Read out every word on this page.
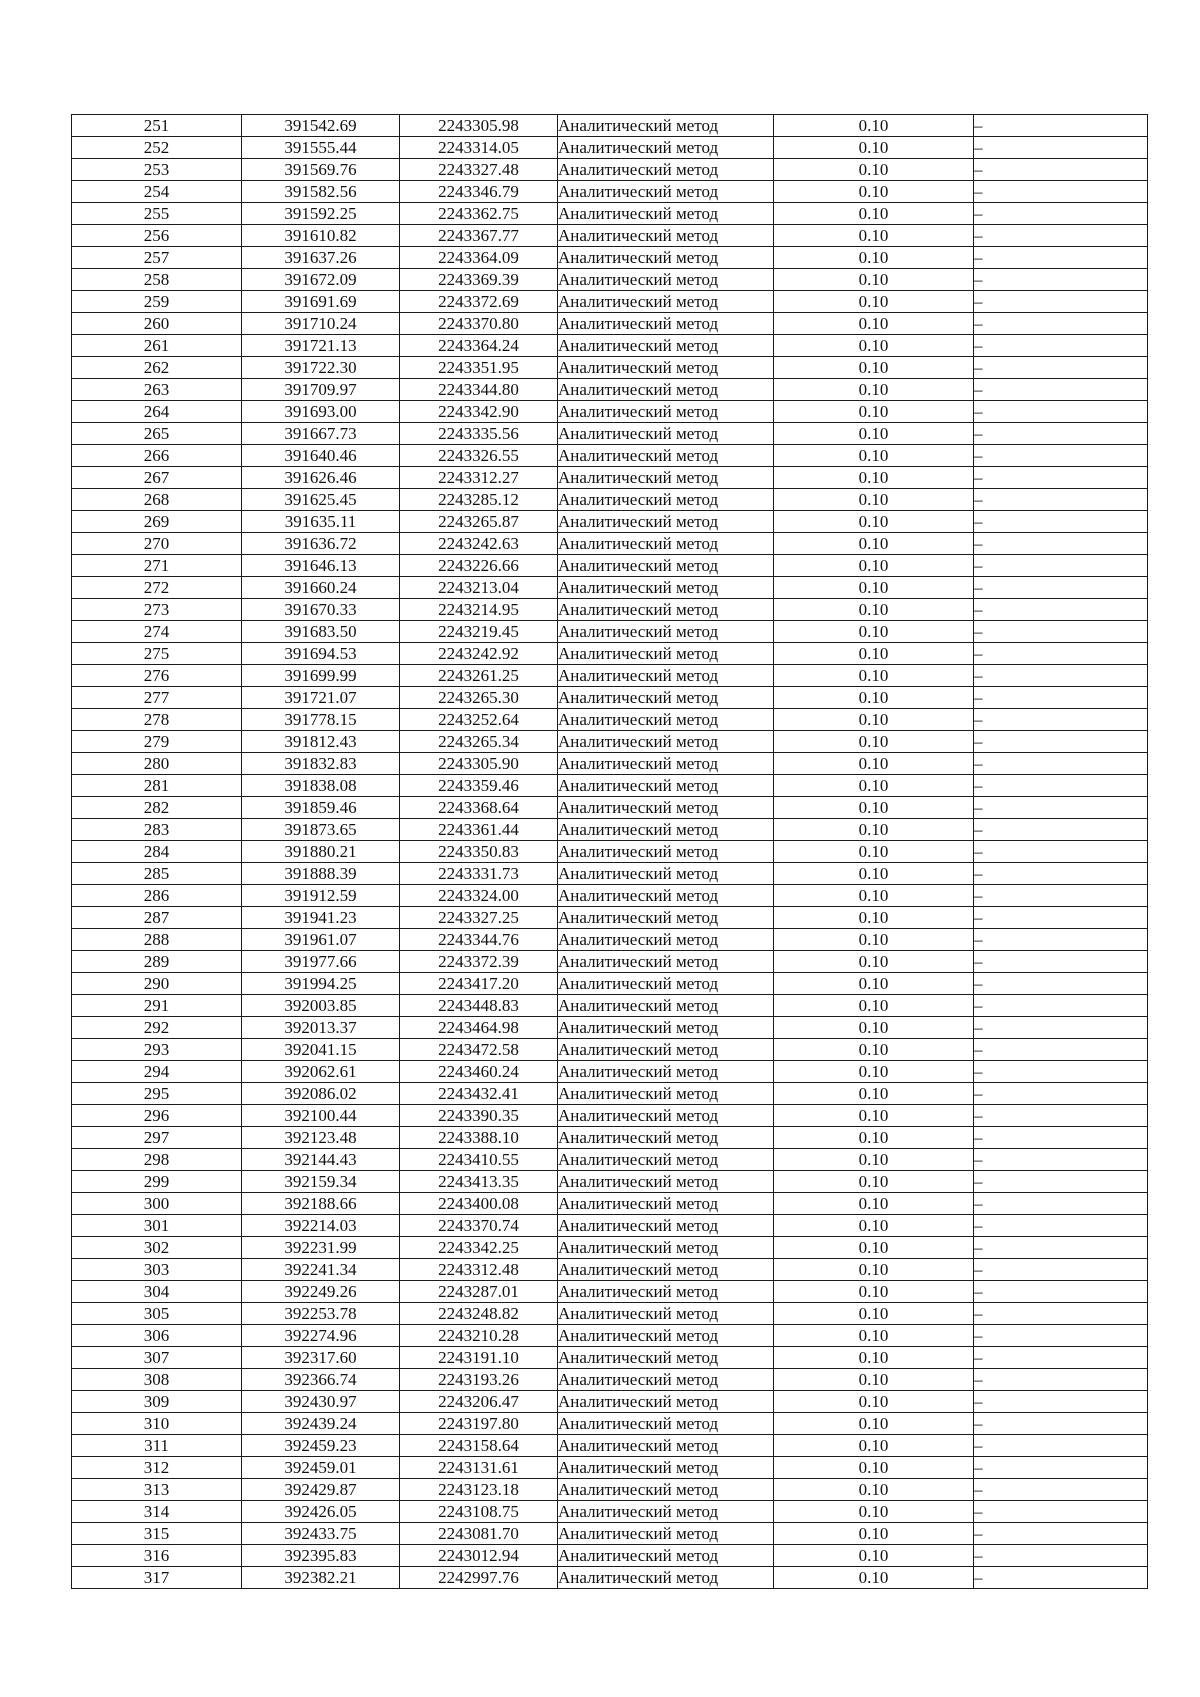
251	391542.69	2243305.98	Аналитический метод	0.10	–
252	391555.44	2243314.05	Аналитический метод	0.10	–
253	391569.76	2243327.48	Аналитический метод	0.10	–
254	391582.56	2243346.79	Аналитический метод	0.10	–
255	391592.25	2243362.75	Аналитический метод	0.10	–
256	391610.82	2243367.77	Аналитический метод	0.10	–
257	391637.26	2243364.09	Аналитический метод	0.10	–
258	391672.09	2243369.39	Аналитический метод	0.10	–
259	391691.69	2243372.69	Аналитический метод	0.10	–
260	391710.24	2243370.80	Аналитический метод	0.10	–
261	391721.13	2243364.24	Аналитический метод	0.10	–
262	391722.30	2243351.95	Аналитический метод	0.10	–
263	391709.97	2243344.80	Аналитический метод	0.10	–
264	391693.00	2243342.90	Аналитический метод	0.10	–
265	391667.73	2243335.56	Аналитический метод	0.10	–
266	391640.46	2243326.55	Аналитический метод	0.10	–
267	391626.46	2243312.27	Аналитический метод	0.10	–
268	391625.45	2243285.12	Аналитический метод	0.10	–
269	391635.11	2243265.87	Аналитический метод	0.10	–
270	391636.72	2243242.63	Аналитический метод	0.10	–
271	391646.13	2243226.66	Аналитический метод	0.10	–
272	391660.24	2243213.04	Аналитический метод	0.10	–
273	391670.33	2243214.95	Аналитический метод	0.10	–
274	391683.50	2243219.45	Аналитический метод	0.10	–
275	391694.53	2243242.92	Аналитический метод	0.10	–
276	391699.99	2243261.25	Аналитический метод	0.10	–
277	391721.07	2243265.30	Аналитический метод	0.10	–
278	391778.15	2243252.64	Аналитический метод	0.10	–
279	391812.43	2243265.34	Аналитический метод	0.10	–
280	391832.83	2243305.90	Аналитический метод	0.10	–
281	391838.08	2243359.46	Аналитический метод	0.10	–
282	391859.46	2243368.64	Аналитический метод	0.10	–
283	391873.65	2243361.44	Аналитический метод	0.10	–
284	391880.21	2243350.83	Аналитический метод	0.10	–
285	391888.39	2243331.73	Аналитический метод	0.10	–
286	391912.59	2243324.00	Аналитический метод	0.10	–
287	391941.23	2243327.25	Аналитический метод	0.10	–
288	391961.07	2243344.76	Аналитический метод	0.10	–
289	391977.66	2243372.39	Аналитический метод	0.10	–
290	391994.25	2243417.20	Аналитический метод	0.10	–
291	392003.85	2243448.83	Аналитический метод	0.10	–
292	392013.37	2243464.98	Аналитический метод	0.10	–
293	392041.15	2243472.58	Аналитический метод	0.10	–
294	392062.61	2243460.24	Аналитический метод	0.10	–
295	392086.02	2243432.41	Аналитический метод	0.10	–
296	392100.44	2243390.35	Аналитический метод	0.10	–
297	392123.48	2243388.10	Аналитический метод	0.10	–
298	392144.43	2243410.55	Аналитический метод	0.10	–
299	392159.34	2243413.35	Аналитический метод	0.10	–
300	392188.66	2243400.08	Аналитический метод	0.10	–
301	392214.03	2243370.74	Аналитический метод	0.10	–
302	392231.99	2243342.25	Аналитический метод	0.10	–
303	392241.34	2243312.48	Аналитический метод	0.10	–
304	392249.26	2243287.01	Аналитический метод	0.10	–
305	392253.78	2243248.82	Аналитический метод	0.10	–
306	392274.96	2243210.28	Аналитический метод	0.10	–
307	392317.60	2243191.10	Аналитический метод	0.10	–
308	392366.74	2243193.26	Аналитический метод	0.10	–
309	392430.97	2243206.47	Аналитический метод	0.10	–
310	392439.24	2243197.80	Аналитический метод	0.10	–
311	392459.23	2243158.64	Аналитический метод	0.10	–
312	392459.01	2243131.61	Аналитический метод	0.10	–
313	392429.87	2243123.18	Аналитический метод	0.10	–
314	392426.05	2243108.75	Аналитический метод	0.10	–
315	392433.75	2243081.70	Аналитический метод	0.10	–
316	392395.83	2243012.94	Аналитический метод	0.10	–
317	392382.21	2242997.76	Аналитический метод	0.10	–
